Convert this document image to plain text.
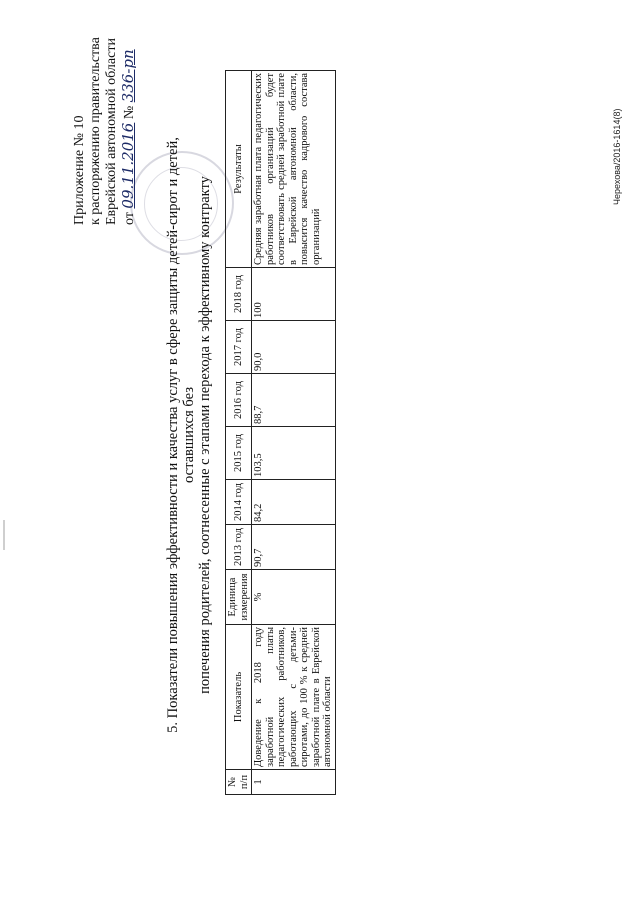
Приложение № 10 к распоряжению правительства Еврейской автономной области от 09.11.2016 № 336-рп
5. Показатели повышения эффективности и качества услуг в сфере защиты детей-сирот и детей, оставшихся без попечения родителей, соотнесенные с этапами перехода к эффективному контракту
№ п/п	Показатель	Единица измерения	2013 год	2014 год	2015 год	2016 год	2017 год	2018 год	Результаты
1	Доведение к 2018 году заработной платы педагогических работников, работающих с детьми-сиротами, до 100 % к средней заработной плате в Еврейской автономной области	%	90,7	84,2	103,5	88,7	90,0	100	Средняя заработная плата педагогических работников организаций будет соответствовать средней заработной плате в Еврейской автономной области, повысится качество кадрового состава организаций
Черехова/2016-1614(8)
